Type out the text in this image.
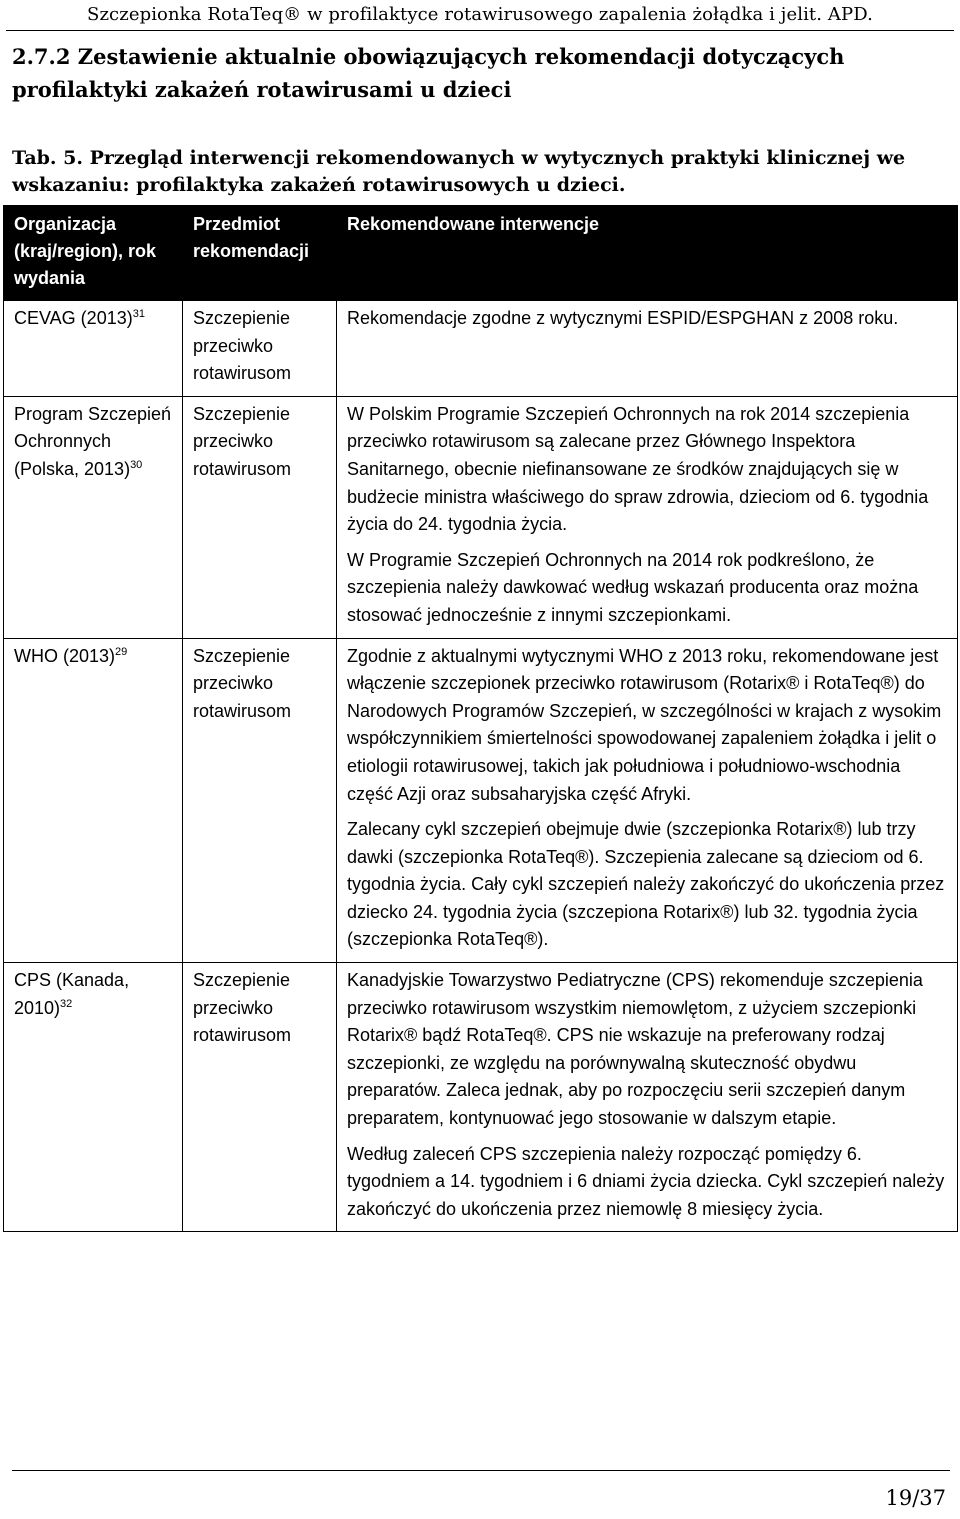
Szczepionka RotaTeq® w profilaktyce rotawirusowego zapalenia żołądka i jelit. APD.
2.7.2 Zestawienie aktualnie obowiązujących rekomendacji dotyczących profilaktyki zakażeń rotawirusami u dzieci
Tab. 5. Przegląd interwencji rekomendowanych w wytycznych praktyki klinicznej we wskazaniu: profilaktyka zakażeń rotawirusowych u dzieci.
Organizacja (kraj/region), rok wydania	Przedmiot rekomendacji	Rekomendowane interwencje
CEVAG $(2013)^{31}$	Szczepienie przeciwko rotawirusom	Rekomendacje zgodne z wytycznymi ESPID/ESPGHAN z 2008 roku.

Program Szczepień Ochronnych (Polska, 2013)$^{30}$	Szczepienie przeciwko rotawirusom	W Polskim Programie Szczepień Ochronnych na rok 2014 szczepienia przeciwko rotawirusom są zalecane przez Głównego Inspektora Sanitarnego, obecnie niefinansowane ze środków znajdujących się w budżecie ministra właściwego do spraw zdrowia, dzieciom od 6. tygodnia życia do 24. tygodnia życia.

W Programie Szczepień Ochronnych na 2014 rok podkreślono, że szczepienia należy dawkować według wskazań producenta oraz można stosować jednocześnie z innymi szczepionkami.

WHO $(2013)^{29}$	Szczepienie przeciwko rotawirusom	Zgodnie z aktualnymi wytycznymi WHO z 2013 roku, rekomendowane jest włączenie szczepionek przeciwko rotawirusom (Rotarix® i RotaTeq®) do Narodowych Programów Szczepień, w szczególności w krajach z wysokim współczynnikiem śmiertelności spowodowanej zapaleniem żołądka i jelit o etiologii rotawirusowej, takich jak południowa i południowo-wschodnia część Azji oraz subsaharyjska część Afryki.

Zalecany cykl szczepień obejmuje dwie (szczepionka Rotarix®) lub trzy dawki (szczepionka RotaTeq®). Szczepienia zalecane są dzieciom od 6. tygodnia życia. Cały cykl szczepień należy zakończyć do ukończenia przez dziecko 24. tygodnia życia (szczepiona Rotarix®) lub 32. tygodnia życia (szczepionka RotaTeq®).

CPS (Kanada, 2010)$^{32}$	Szczepienie przeciwko rotawirusom	Kanadyjskie Towarzystwo Pediatryczne (CPS) rekomenduje szczepienia przeciwko rotawirusom wszystkim niemowlętom, z użyciem szczepionki Rotarix® bądź RotaTeq®. CPS nie wskazuje na preferowany rodzaj szczepionki, ze względu na porównywalną skuteczność obydwu preparatów. Zaleca jednak, aby po rozpoczęciu serii szczepień danym preparatem, kontynuować jego stosowanie w dalszym etapie.

Według zaleceń CPS szczepienia należy rozpocząć pomiędzy 6. tygodniem a 14. tygodniem i 6 dniami życia dziecka. Cykl szczepień należy zakończyć do ukończenia przez niemowlę 8 miesięcy życia.

19/37
